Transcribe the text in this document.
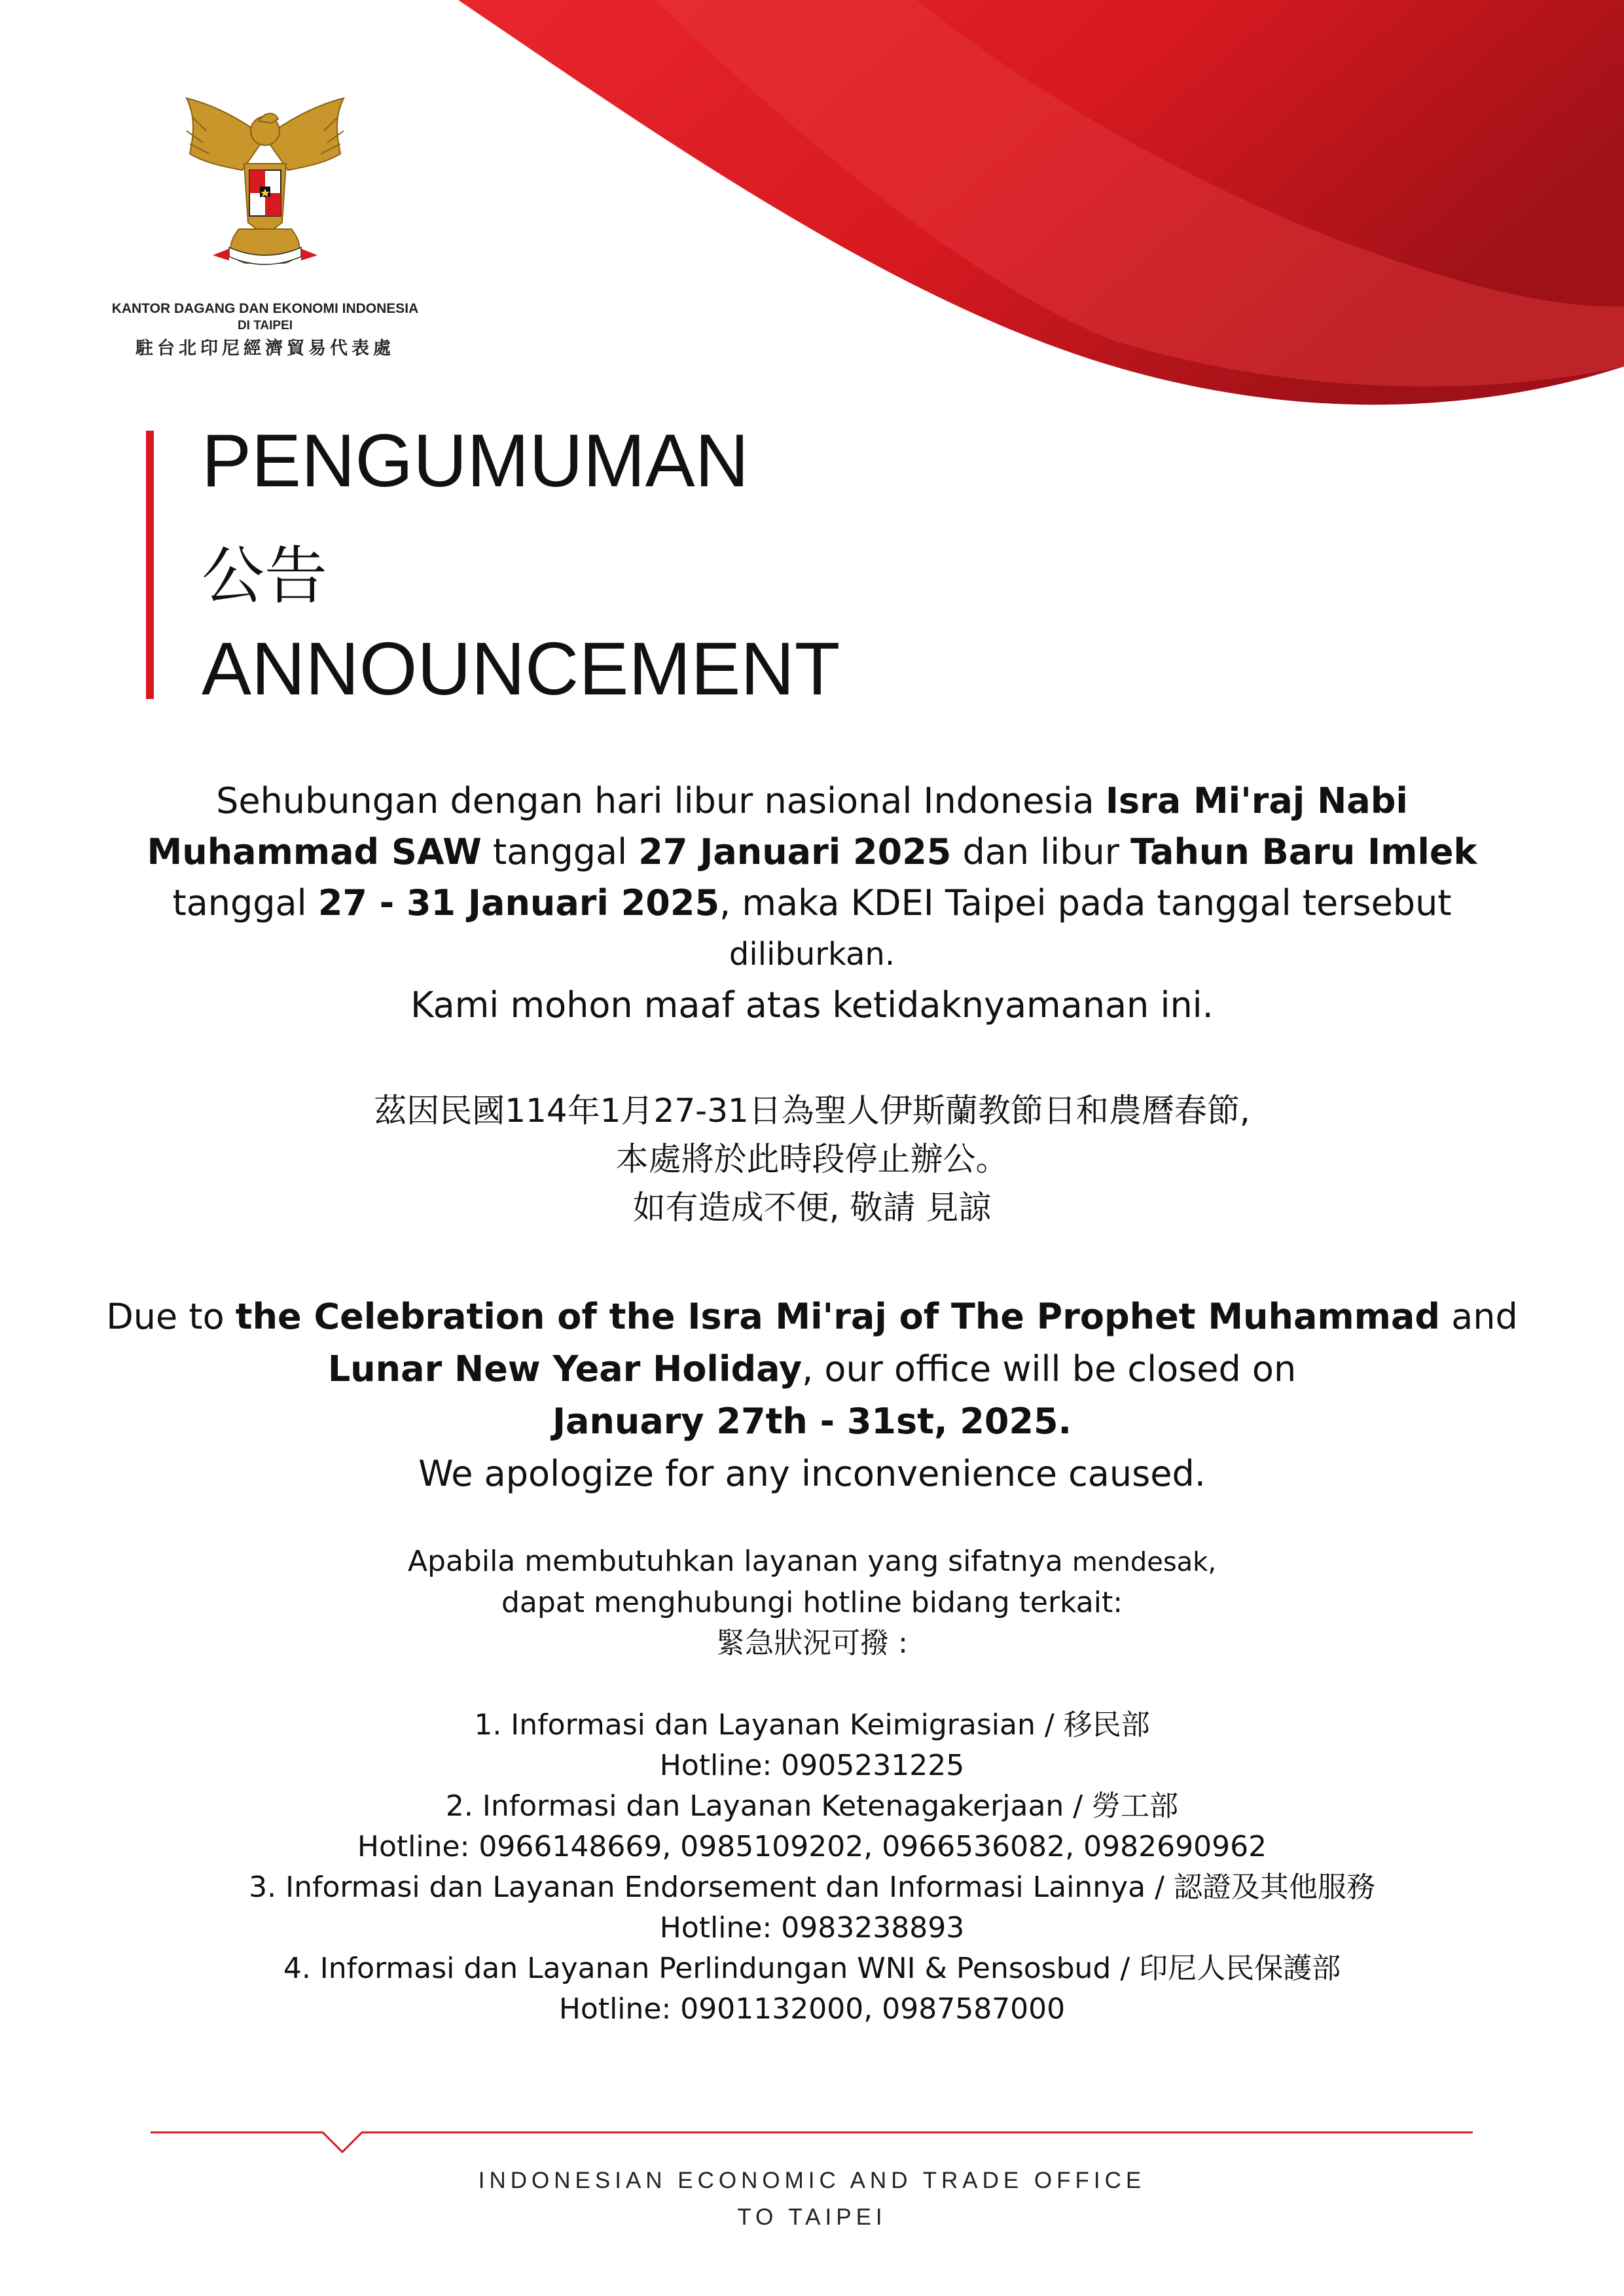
KANTOR DAGANG DAN EKONOMI INDONESIA
DI TAIPEI
駐台北印尼經濟貿易代表處
PENGUMUMAN
公告
ANNOUNCEMENT
Sehubungan dengan hari libur nasional Indonesia Isra Mi'raj Nabi
Muhammad SAW tanggal 27 Januari 2025 dan libur Tahun Baru Imlek
tanggal 27 - 31 Januari 2025, maka KDEI Taipei pada tanggal tersebut
diliburkan.
Kami mohon maaf atas ketidaknyamanan ini.
茲因民國114年1月27-31日為聖人伊斯蘭教節日和農曆春節,
本處將於此時段停止辦公。
如有造成不便, 敬請 見諒
Due to the Celebration of the Isra Mi'raj of The Prophet Muhammad and
Lunar New Year Holiday, our office will be closed on
January 27th - 31st, 2025.
We apologize for any inconvenience caused.
Apabila membutuhkan layanan yang sifatnya mendesak,
dapat menghubungi hotline bidang terkait:
緊急狀況可撥 :
1. Informasi dan Layanan Keimigrasian / 移民部
Hotline: 0905231225
2. Informasi dan Layanan Ketenagakerjaan / 勞工部
Hotline: 0966148669, 0985109202, 0966536082, 0982690962
3. Informasi dan Layanan Endorsement dan Informasi Lainnya / 認證及其他服務
Hotline: 0983238893
4. Informasi dan Layanan Perlindungan WNI & Pensosbud / 印尼人民保護部
Hotline: 0901132000, 0987587000
INDONESIAN ECONOMIC AND TRADE OFFICE
TO TAIPEI
